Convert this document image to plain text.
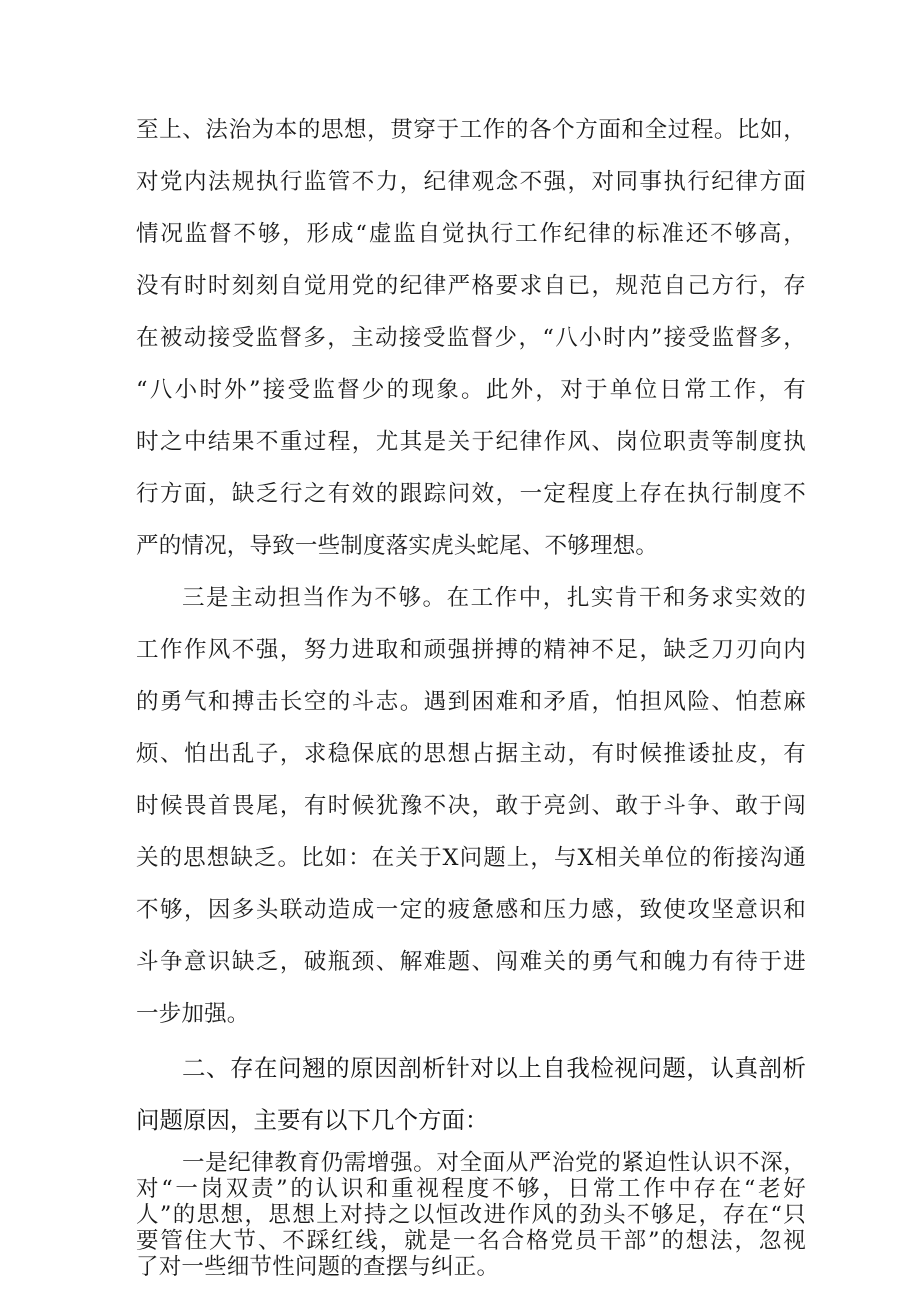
至上、法治为本的思想，贯穿于工作的各个方面和全过程。比如，
对党内法规执行监管不力，纪律观念不强，对同事执行纪律方面
情况监督不够，形成“虚监自觉执行工作纪律的标准还不够高，
没有时时刻刻自觉用党的纪律严格要求自已，规范自己方行，存
在被动接受监督多，主动接受监督少，“八小时内”接受监督多，
“八小时外”接受监督少的现象。此外，对于单位日常工作，有
时之中结果不重过程，尤其是关于纪律作风、岗位职责等制度执
行方面，缺乏行之有效的跟踪问效，一定程度上存在执行制度不
严的情况，导致一些制度落实虎头蛇尾、不够理想。
三是主动担当作为不够。在工作中，扎实肯干和务求实效的
工作作风不强，努力进取和顽强拼搏的精神不足，缺乏刀刃向内
的勇气和搏击长空的斗志。遇到困难和矛盾，怕担风险、怕惹麻
烦、怕出乱子，求稳保底的思想占据主动，有时候推诿扯皮，有
时候畏首畏尾，有时候犹豫不决，敢于亮剑、敢于斗争、敢于闯
关的思想缺乏。比如：在关于X问题上，与X相关单位的衔接沟通
不够，因多头联动造成一定的疲惫感和压力感，致使攻坚意识和
斗争意识缺乏，破瓶颈、解难题、闯难关的勇气和魄力有待于进
一步加强。
二、存在问翘的原因剖析针对以上自我检视问题，认真剖析
问题原因，主要有以下几个方面：
一是纪律教育仍需增强。对全面从严治党的紧迫性认识不深，
对“一岗双责”的认识和重视程度不够，日常工作中存在“老好
人”的思想，思想上对持之以恒改进作风的劲头不够足，存在“只
要管住大节、不踩红线，就是一名合格党员干部”的想法，忽视
了对一些细节性问题的查摆与纠正。
